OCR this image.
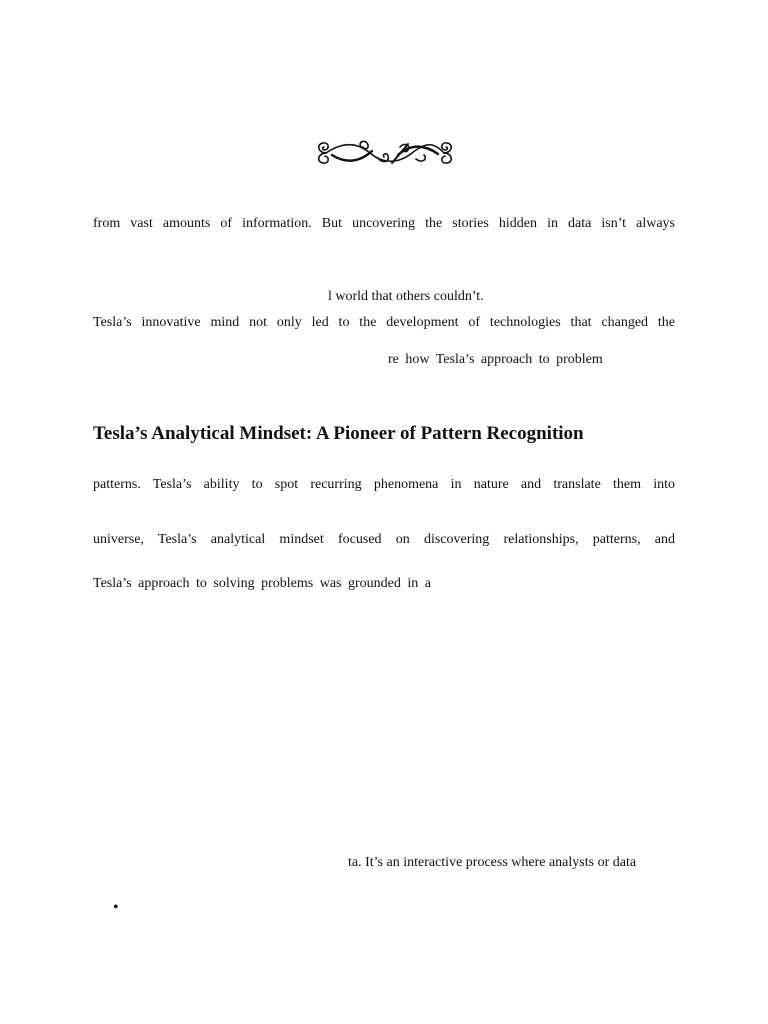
from vast amounts of information. But uncovering the stories hidden in data isn’t always
l world that others couldn’t.
Tesla’s innovative mind not only led to the development of technologies that changed the
re how Tesla’s approach to problem
Tesla’s Analytical Mindset: A Pioneer of Pattern Recognition
patterns. Tesla’s ability to spot recurring phenomena in nature and translate them into
universe, Tesla’s analytical mindset focused on discovering relationships, patterns, and
Tesla’s approach to solving problems was grounded in a
ta. It’s an interactive process where analysts or data
•
